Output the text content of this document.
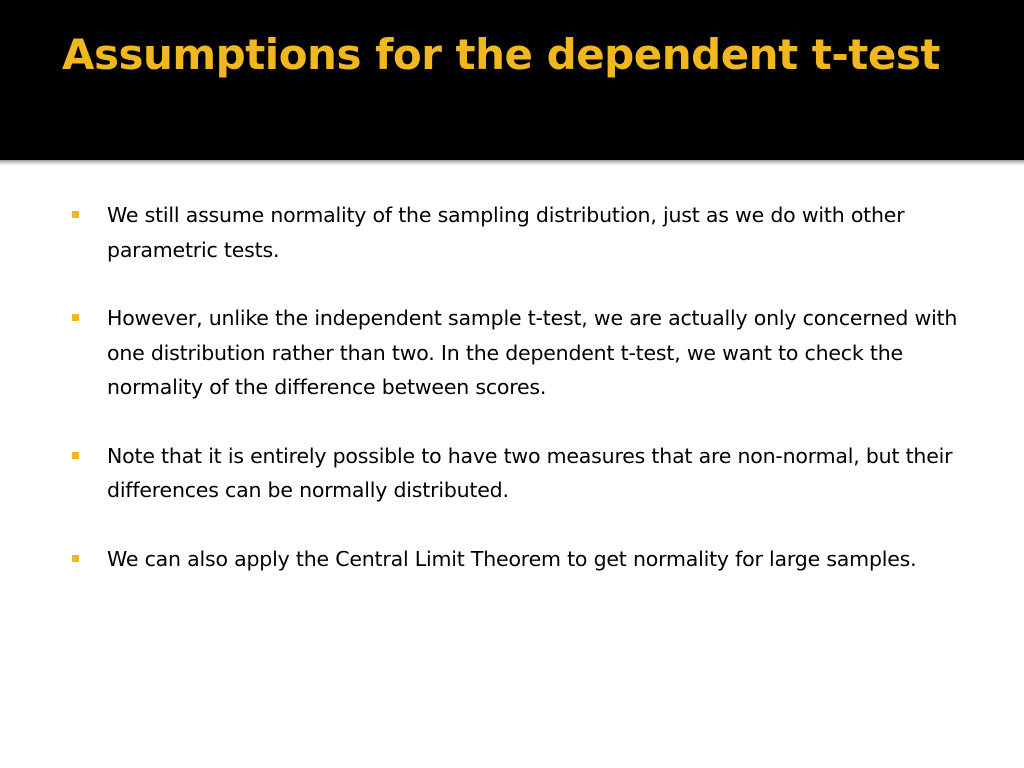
Assumptions for the dependent t-test
We still assume normality of the sampling distribution, just as we do with other parametric tests.
However, unlike the independent sample t-test, we are actually only concerned with one distribution rather than two. In the dependent t-test, we want to check the normality of the difference between scores.
Note that it is entirely possible to have two measures that are non-normal, but their differences can be normally distributed.
We can also apply the Central Limit Theorem to get normality for large samples.
